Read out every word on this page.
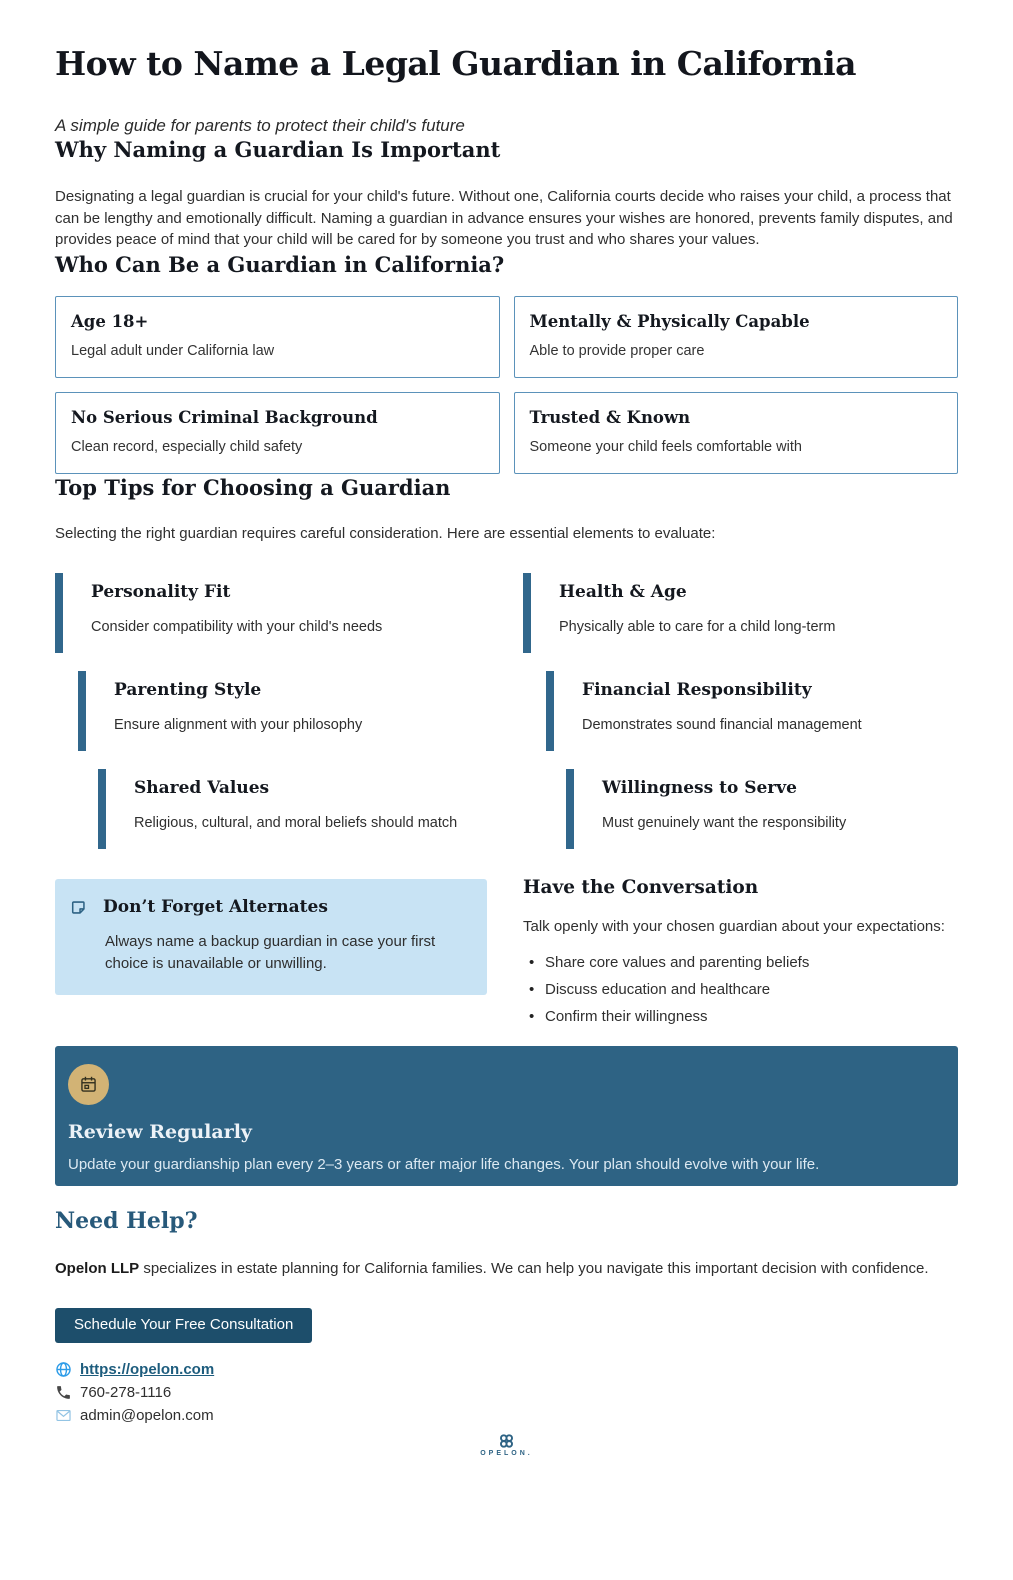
How to Name a Legal Guardian in California
A simple guide for parents to protect their child's future
Why Naming a Guardian Is Important

Designating a legal guardian is crucial for your child's future. Without one, California courts decide who raises your child, a process that can be lengthy and emotionally difficult. Naming a guardian in advance ensures your wishes are honored, prevents family disputes, and provides peace of mind that your child will be cared for by someone you trust and who shares your values.

Who Can Be a Guardian in California?
Age 18+

Legal adult under California law

Mentally & Physically Capable

Able to provide proper care

No Serious Criminal Background

Clean record, especially child safety

Trusted & Known

Someone your child feels comfortable with

Top Tips for Choosing a Guardian

Selecting the right guardian requires careful consideration. Here are essential elements to evaluate:

Personality Fit

Consider compatibility with your child's needs

Health & Age

Physically able to care for a child long-term

Parenting Style

Ensure alignment with your philosophy

Financial Responsibility

Demonstrates sound financial management

Shared Values

Religious, cultural, and moral beliefs should match

Willingness to Serve

Must genuinely want the responsibility

Don’t Forget Alternates
Always name a backup guardian in case your first choice is unavailable or unwilling.
Have the Conversation

Talk openly with your chosen guardian about your expectations:

• Share core values and parenting beliefs
• Discuss education and healthcare
• Confirm their willingness
Review Regularly

Update your guardianship plan every 2–3 years or after major life changes. Your plan should evolve with your life.

Need Help?

Opelon LLP specializes in estate planning for California families. We can help you navigate this important decision with confidence.

Schedule Your Free Consultation
https://opelon.com
760-278-1116
admin@opelon.com
OPELON.
